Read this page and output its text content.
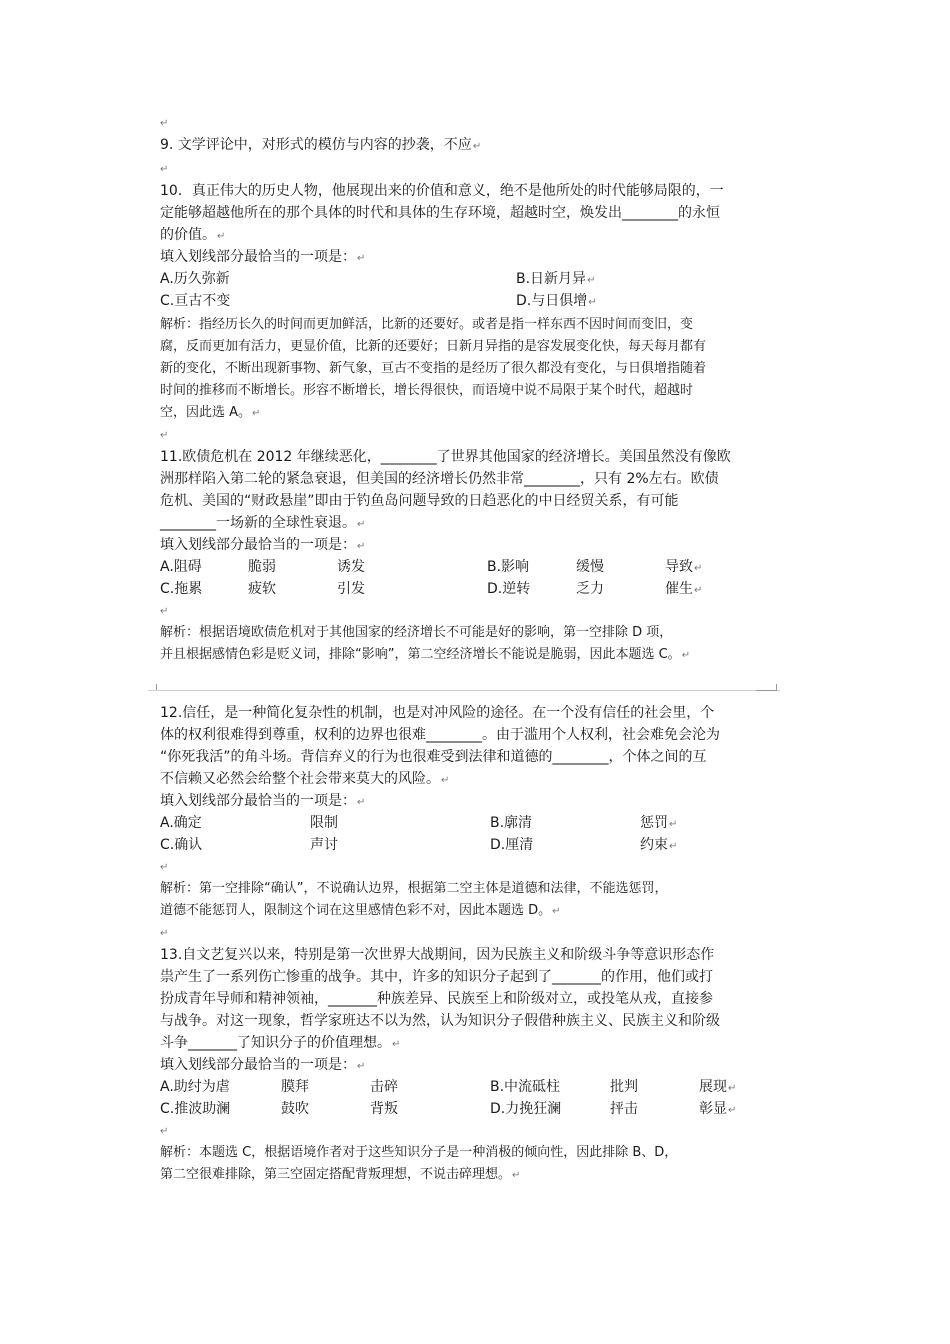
↵
9. 文学评论中，对形式的模仿与内容的抄袭，不应↵
↵
10．真正伟大的历史人物，他展现出来的价值和意义，绝不是他所处的时代能够局限的，一
定能够超越他所在的那个具体的时代和具体的生存环境，超越时空，焕发出________的永恒
的价值。↵
填入划线部分最恰当的一项是：↵
A.历久弥新	B.日新月异↵
C.亘古不变	D.与日俱增↵
解析：指经历长久的时间而更加鲜活，比新的还要好。或者是指一样东西不因时间而变旧，变
腐，反而更加有活力，更显价值，比新的还要好；日新月异指的是容发展变化快，每天每月都有
新的变化，不断出现新事物、新气象，亘古不变指的是经历了很久都没有变化，与日俱增指随着
时间的推移而不断增长。形容不断增长，增长得很快，而语境中说不局限于某个时代，超越时
空，因此选 A。↵
↵
11.欧债危机在 2012 年继续恶化，________了世界其他国家的经济增长。美国虽然没有像欧
洲那样陷入第二轮的紧急衰退，但美国的经济增长仍然非常________，只有 2%左右。欧债
危机、美国的“财政悬崖”即由于钓鱼岛问题导致的日趋恶化的中日经贸关系，有可能
________一场新的全球性衰退。↵
填入划线部分最恰当的一项是：↵
A.阻碍	脆弱	诱发	B.影响	缓慢	导致↵
C.拖累	疲软	引发	D.逆转	乏力	催生↵
↵
解析：根据语境欧债危机对于其他国家的经济增长不可能是好的影响，第一空排除 D 项，
并且根据感情色彩是贬义词，排除“影响”，第二空经济增长不能说是脆弱，因此本题选 C。↵
12.信任，是一种简化复杂性的机制，也是对冲风险的途径。在一个没有信任的社会里，个
体的权利很难得到尊重，权利的边界也很难________。由于滥用个人权利，社会难免会沦为
“你死我活”的角斗场。背信弃义的行为也很难受到法律和道德的________，个体之间的互
不信赖又必然会给整个社会带来莫大的风险。↵
填入划线部分最恰当的一项是：↵
A.确定	限制	B.廓清	惩罚↵
C.确认	声讨	D.厘清	约束↵
↵
解析：第一空排除“确认”，不说确认边界，根据第二空主体是道德和法律，不能选惩罚，
道德不能惩罚人，限制这个词在这里感情色彩不对，因此本题选 D。↵
↵
13.自文艺复兴以来，特别是第一次世界大战期间，因为民族主义和阶级斗争等意识形态作
祟产生了一系列伤亡惨重的战争。其中，许多的知识分子起到了_______的作用，他们或打
扮成青年导师和精神领袖，_______种族差异、民族至上和阶级对立，或投笔从戎，直接参
与战争。对这一现象，哲学家班达不以为然，认为知识分子假借种族主义、民族主义和阶级
斗争_______了知识分子的价值理想。↵
填入划线部分最恰当的一项是：↵
A.助纣为虐	膜拜	击碎	B.中流砥柱	批判	展现↵
C.推波助澜	鼓吹	背叛	D.力挽狂澜	抨击	彰显↵
↵
解析：本题选 C，根据语境作者对于这些知识分子是一种消极的倾向性，因此排除 B、D，
第二空很难排除，第三空固定搭配背叛理想，不说击碎理想。↵
